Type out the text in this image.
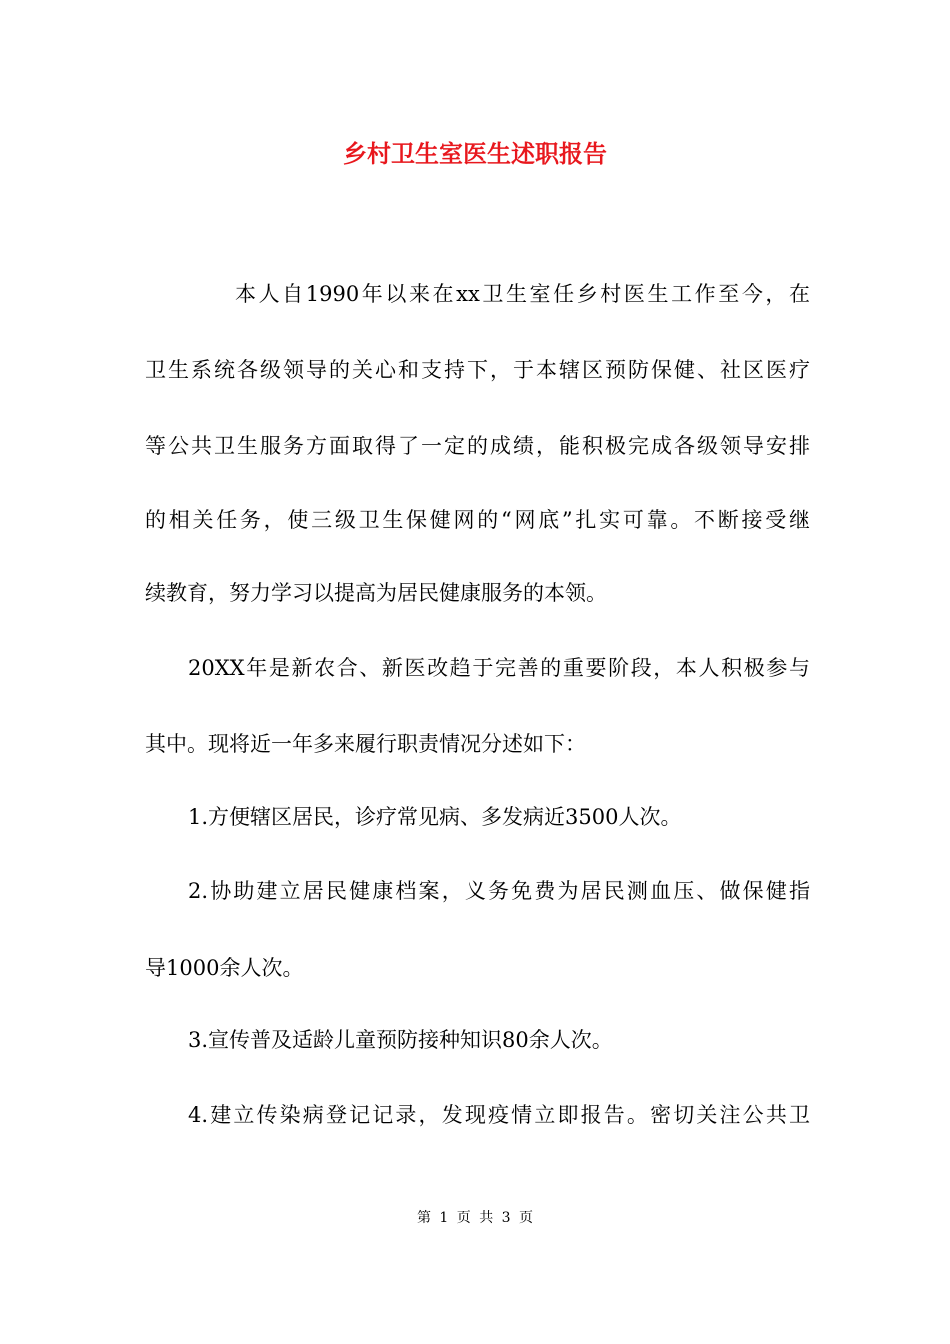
乡村卫生室医生述职报告
本人自1990年以来在xx卫生室任乡村医生工作至今，在
卫生系统各级领导的关心和支持下，于本辖区预防保健、社区医疗
等公共卫生服务方面取得了一定的成绩，能积极完成各级领导安排
的相关任务，使三级卫生保健网的“网底”扎实可靠。不断接受继
续教育，努力学习以提高为居民健康服务的本领。
20XX年是新农合、新医改趋于完善的重要阶段，本人积极参与
其中。现将近一年多来履行职责情况分述如下：
1.方便辖区居民，诊疗常见病、多发病近3500人次。
2.协助建立居民健康档案，义务免费为居民测血压、做保健指
导1000余人次。
3.宣传普及适龄儿童预防接种知识80余人次。
4.建立传染病登记记录，发现疫情立即报告。密切关注公共卫
第 1 页 共 3 页
